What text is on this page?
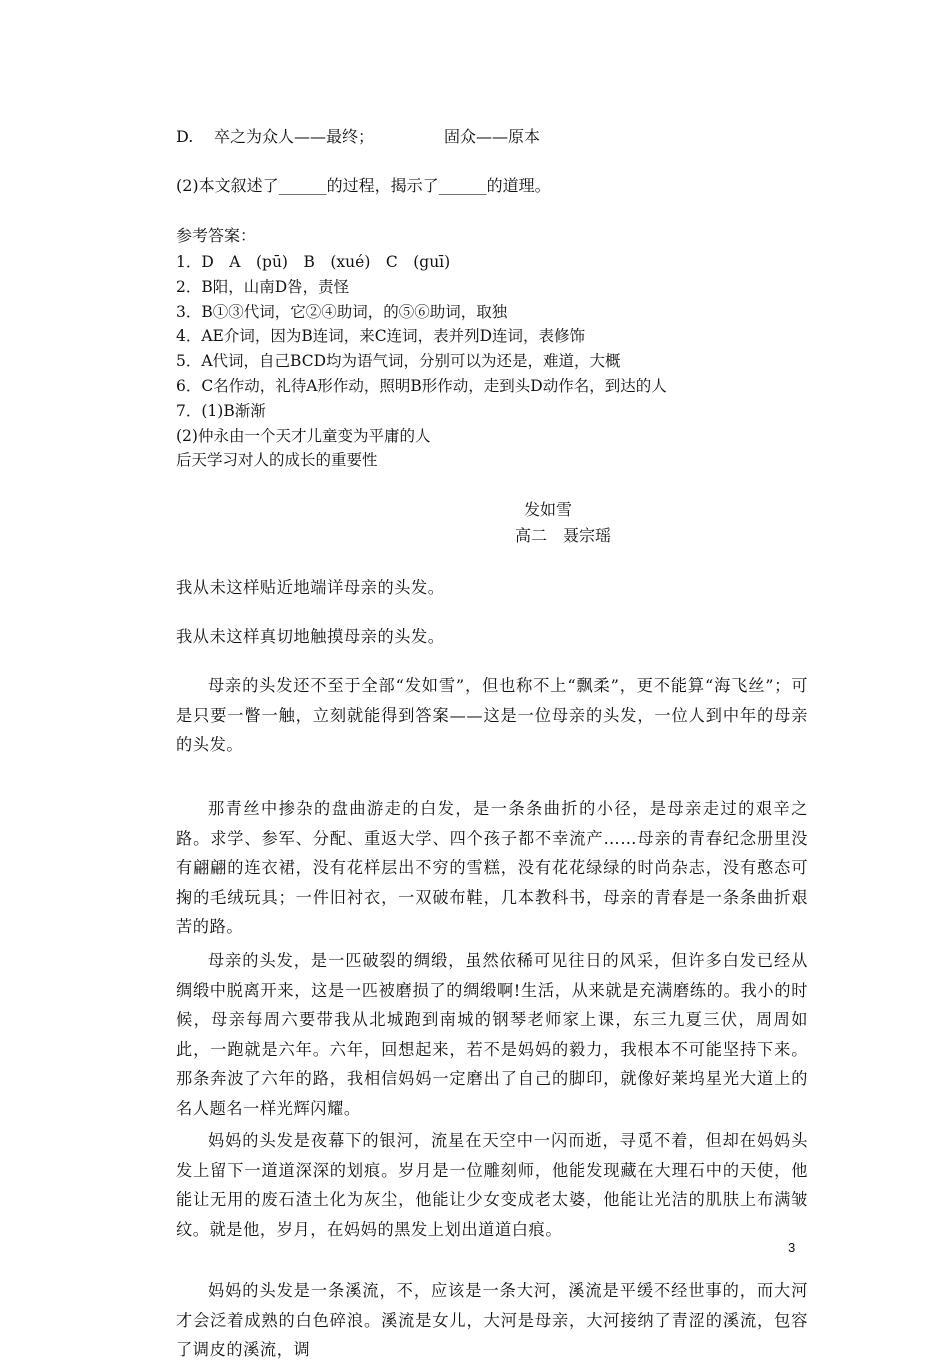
D. 卒之为众人——最终；	固众——原本
(2)本文叙述了______的过程，揭示了______的道理。
参考答案：
1．D　A　(pū)　B　(xué)　C　(guī)
2．B阳，山南D咎，责怪
3．B①③代词，它②④助词，的⑤⑥助词，取独
4．AE介词，因为B连词，来C连词，表并列D连词，表修饰
5．A代词，自己BCD均为语气词，分别可以为还是，难道，大概
6．C名作动，礼待A形作动，照明B形作动，走到头D动作名，到达的人
7．(1)B渐渐
(2)仲永由一个天才儿童变为平庸的人
后天学习对人的成长的重要性
发如雪
高二　聂宗瑶
我从未这样贴近地端详母亲的头发。
我从未这样真切地触摸母亲的头发。
母亲的头发还不至于全部“发如雪”，但也称不上“飘柔”，更不能算“海飞丝”；可是只要一瞥一触，立刻就能得到答案——这是一位母亲的头发，一位人到中年的母亲的头发。
那青丝中掺杂的盘曲游走的白发，是一条条曲折的小径，是母亲走过的艰辛之路。求学、参军、分配、重返大学、四个孩子都不幸流产……母亲的青春纪念册里没有翩翩的连衣裙，没有花样层出不穷的雪糕，没有花花绿绿的时尚杂志，没有憨态可掬的毛绒玩具；一件旧衬衣，一双破布鞋，几本教科书，母亲的青春是一条条曲折艰苦的路。
母亲的头发，是一匹破裂的绸缎，虽然依稀可见往日的风采，但许多白发已经从绸缎中脱离开来，这是一匹被磨损了的绸缎啊!生活，从来就是充满磨练的。我小的时候，母亲每周六要带我从北城跑到南城的钢琴老师家上课，东三九夏三伏，周周如此，一跑就是六年。六年，回想起来，若不是妈妈的毅力，我根本不可能坚持下来。那条奔波了六年的路，我相信妈妈一定磨出了自己的脚印，就像好莱坞星光大道上的名人题名一样光辉闪耀。
妈妈的头发是夜幕下的银河，流星在天空中一闪而逝，寻觅不着，但却在妈妈头发上留下一道道深深的划痕。岁月是一位雕刻师，他能发现藏在大理石中的天使，他能让无用的废石渣土化为灰尘，他能让少女变成老太婆，他能让光洁的肌肤上布满皱纹。就是他，岁月，在妈妈的黑发上划出道道白痕。
妈妈的头发是一条溪流，不，应该是一条大河，溪流是平缓不经世事的，而大河才会泛着成熟的白色碎浪。溪流是女儿，大河是母亲，大河接纳了青涩的溪流，包容了调皮的溪流，调
3
